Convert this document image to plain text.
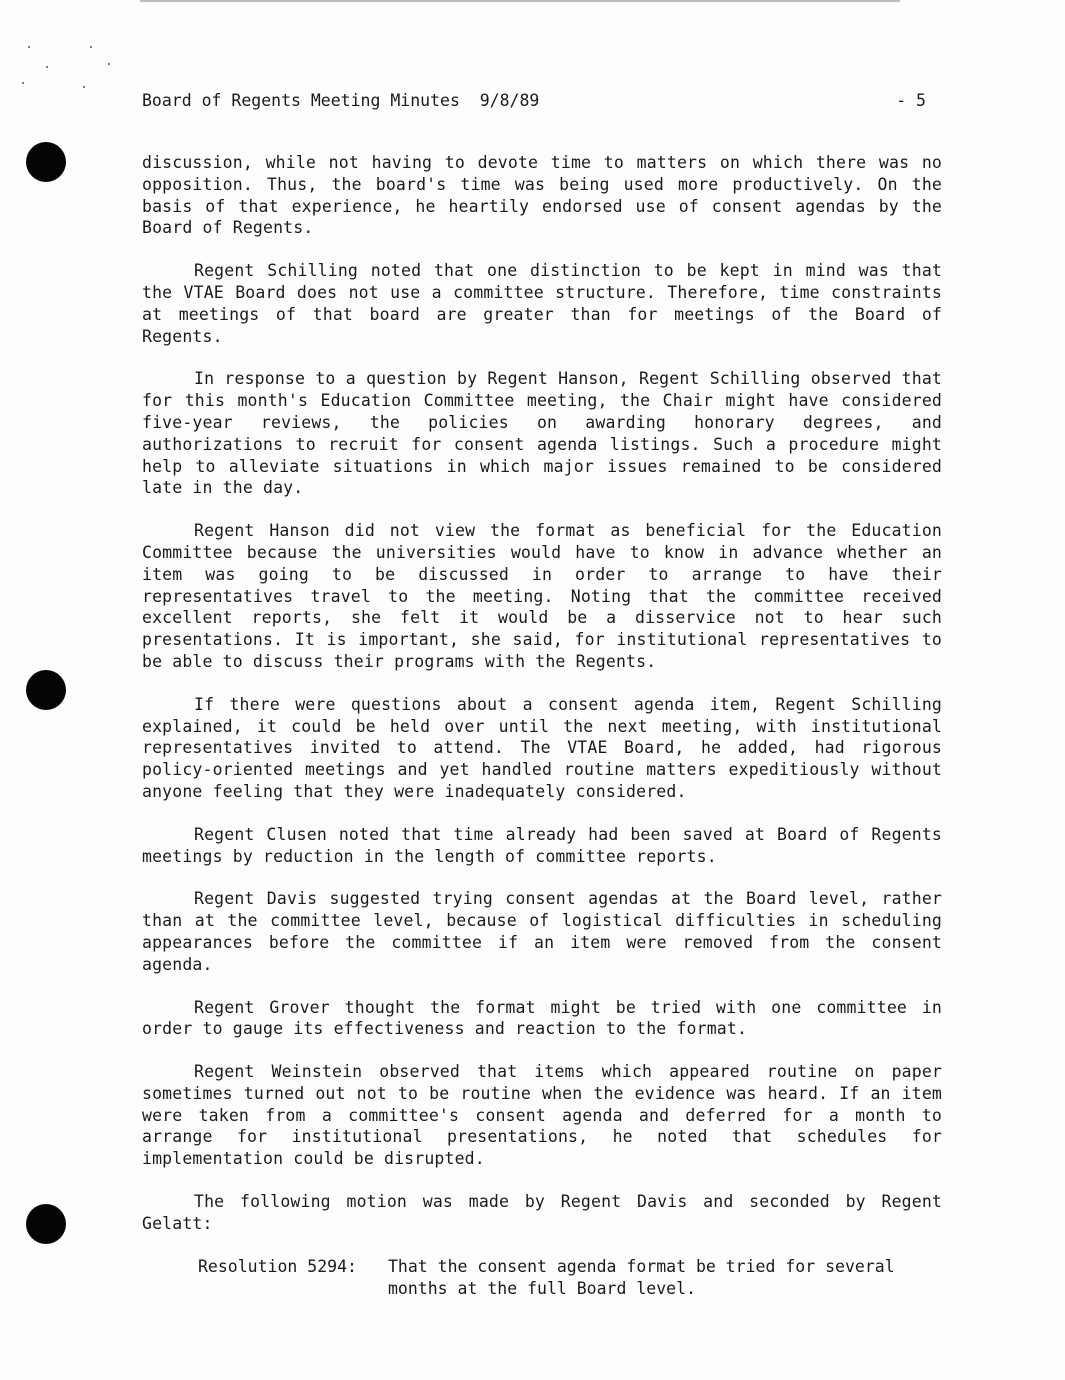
Board of Regents Meeting Minutes  9/8/89	- 5

discussion, while not having to devote time to matters on which there was no opposition. Thus, the board's time was being used more productively. On the basis of that experience, he heartily endorsed use of consent agendas by the Board of Regents.

Regent Schilling noted that one distinction to be kept in mind was that the VTAE Board does not use a committee structure. Therefore, time constraints at meetings of that board are greater than for meetings of the Board of Regents.

In response to a question by Regent Hanson, Regent Schilling observed that for this month's Education Committee meeting, the Chair might have considered five-year reviews, the policies on awarding honorary degrees, and authorizations to recruit for consent agenda listings. Such a procedure might help to alleviate situations in which major issues remained to be considered late in the day.

Regent Hanson did not view the format as beneficial for the Education Committee because the universities would have to know in advance whether an item was going to be discussed in order to arrange to have their representatives travel to the meeting. Noting that the committee received excellent reports, she felt it would be a disservice not to hear such presentations. It is important, she said, for institutional representatives to be able to discuss their programs with the Regents.

If there were questions about a consent agenda item, Regent Schilling explained, it could be held over until the next meeting, with institutional representatives invited to attend. The VTAE Board, he added, had rigorous policy-oriented meetings and yet handled routine matters expeditiously without anyone feeling that they were inadequately considered.

Regent Clusen noted that time already had been saved at Board of Regents meetings by reduction in the length of committee reports.

Regent Davis suggested trying consent agendas at the Board level, rather than at the committee level, because of logistical difficulties in scheduling appearances before the committee if an item were removed from the consent agenda.

Regent Grover thought the format might be tried with one committee in order to gauge its effectiveness and reaction to the format.

Regent Weinstein observed that items which appeared routine on paper sometimes turned out not to be routine when the evidence was heard. If an item were taken from a committee's consent agenda and deferred for a month to arrange for institutional presentations, he noted that schedules for implementation could be disrupted.

The following motion was made by Regent Davis and seconded by Regent Gelatt:

Resolution 5294:	That the consent agenda format be tried for several months at the full Board level.
